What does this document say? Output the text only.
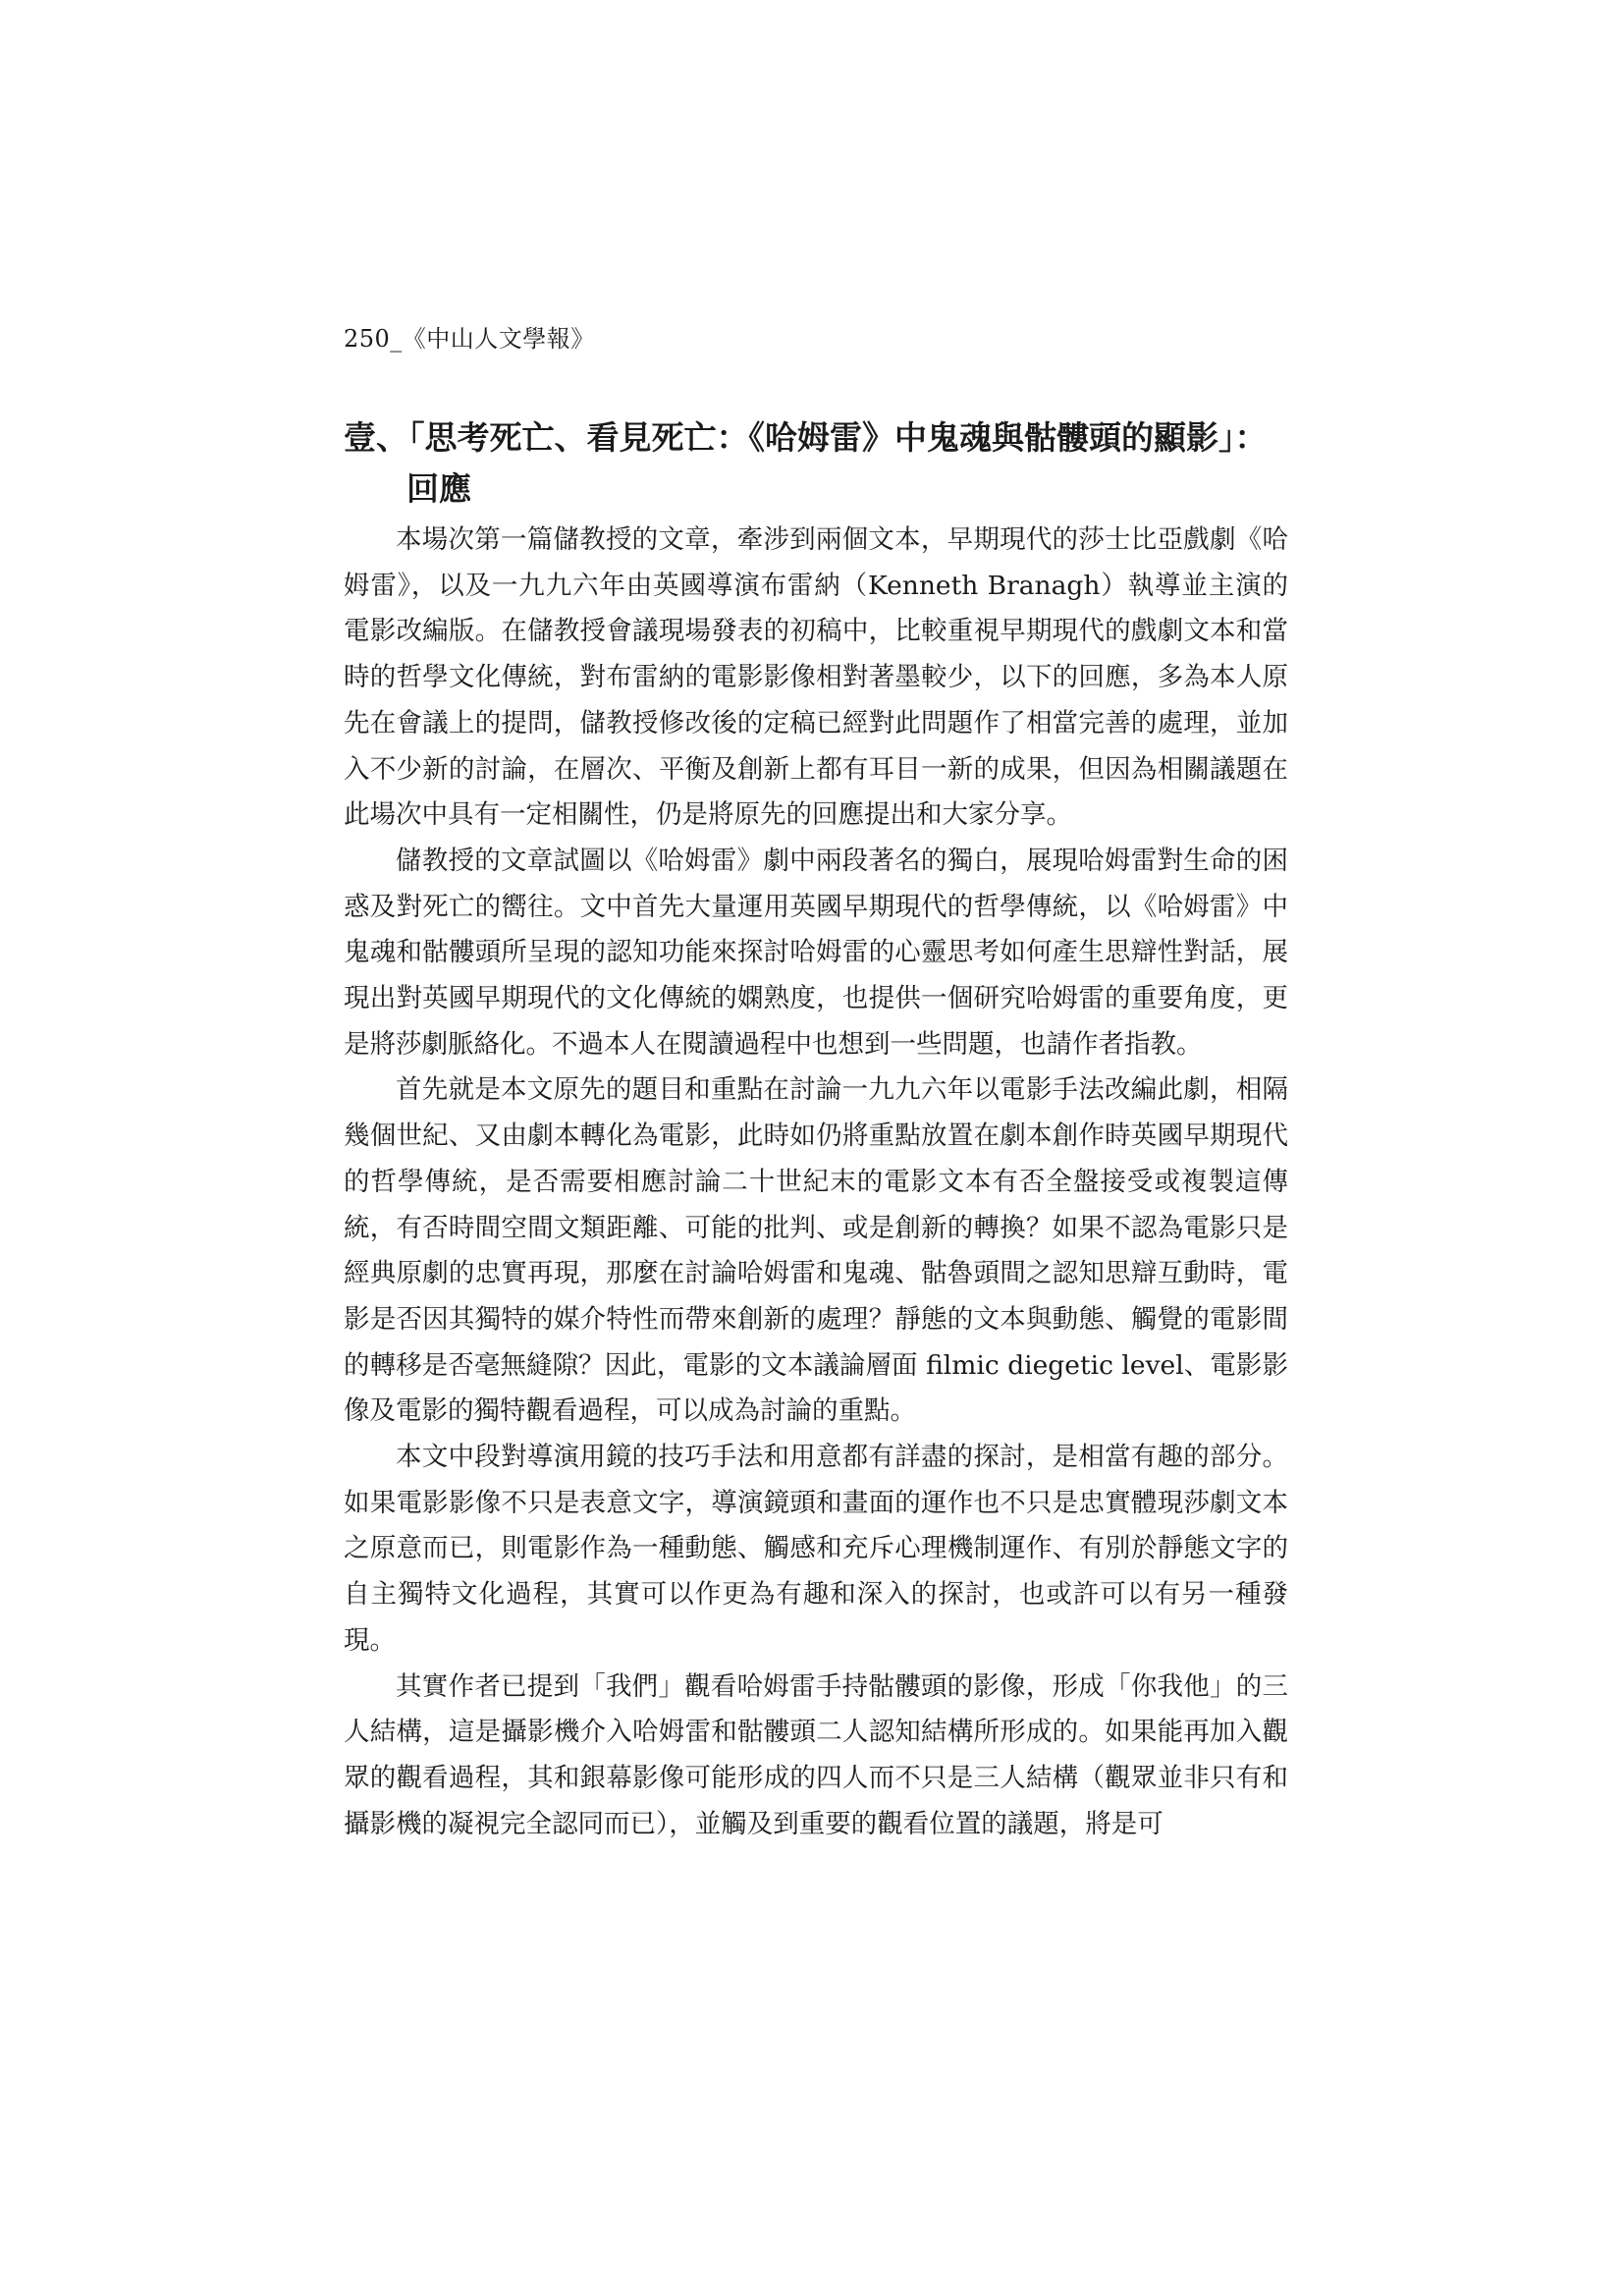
250_《中山人文學報》
壹、「思考死亡、看見死亡：《哈姆雷》中鬼魂與骷髏頭的顯影」：
回應

本場次第一篇儲教授的文章，牽涉到兩個文本，早期現代的莎士比亞戲劇《哈姆雷》，以及一九九六年由英國導演布雷納（Kenneth Branagh）執導並主演的電影改編版。在儲教授會議現場發表的初稿中，比較重視早期現代的戲劇文本和當時的哲學文化傳統，對布雷納的電影影像相對著墨較少，以下的回應，多為本人原先在會議上的提問，儲教授修改後的定稿已經對此問題作了相當完善的處理，並加入不少新的討論，在層次、平衡及創新上都有耳目一新的成果，但因為相關議題在此場次中具有一定相關性，仍是將原先的回應提出和大家分享。

儲教授的文章試圖以《哈姆雷》劇中兩段著名的獨白，展現哈姆雷對生命的困惑及對死亡的嚮往。文中首先大量運用英國早期現代的哲學傳統，以《哈姆雷》中鬼魂和骷髏頭所呈現的認知功能來探討哈姆雷的心靈思考如何產生思辯性對話，展現出對英國早期現代的文化傳統的嫻熟度，也提供一個研究哈姆雷的重要角度，更是將莎劇脈絡化。不過本人在閱讀過程中也想到一些問題，也請作者指教。

首先就是本文原先的題目和重點在討論一九九六年以電影手法改編此劇，相隔幾個世紀、又由劇本轉化為電影，此時如仍將重點放置在劇本創作時英國早期現代的哲學傳統，是否需要相應討論二十世紀末的電影文本有否全盤接受或複製這傳統，有否時間空間文類距離、可能的批判、或是創新的轉換？如果不認為電影只是經典原劇的忠實再現，那麼在討論哈姆雷和鬼魂、骷魯頭間之認知思辯互動時，電影是否因其獨特的媒介特性而帶來創新的處理？靜態的文本與動態、觸覺的電影間的轉移是否毫無縫隙？因此，電影的文本議論層面 filmic diegetic level、電影影像及電影的獨特觀看過程，可以成為討論的重點。

本文中段對導演用鏡的技巧手法和用意都有詳盡的探討，是相當有趣的部分。如果電影影像不只是表意文字，導演鏡頭和畫面的運作也不只是忠實體現莎劇文本之原意而已，則電影作為一種動態、觸感和充斥心理機制運作、有別於靜態文字的自主獨特文化過程，其實可以作更為有趣和深入的探討，也或許可以有另一種發現。

其實作者已提到「我們」觀看哈姆雷手持骷髏頭的影像，形成「你我他」的三人結構，這是攝影機介入哈姆雷和骷髏頭二人認知結構所形成的。如果能再加入觀眾的觀看過程，其和銀幕影像可能形成的四人而不只是三人結構（觀眾並非只有和攝影機的凝視完全認同而已），並觸及到重要的觀看位置的議題，將是可
